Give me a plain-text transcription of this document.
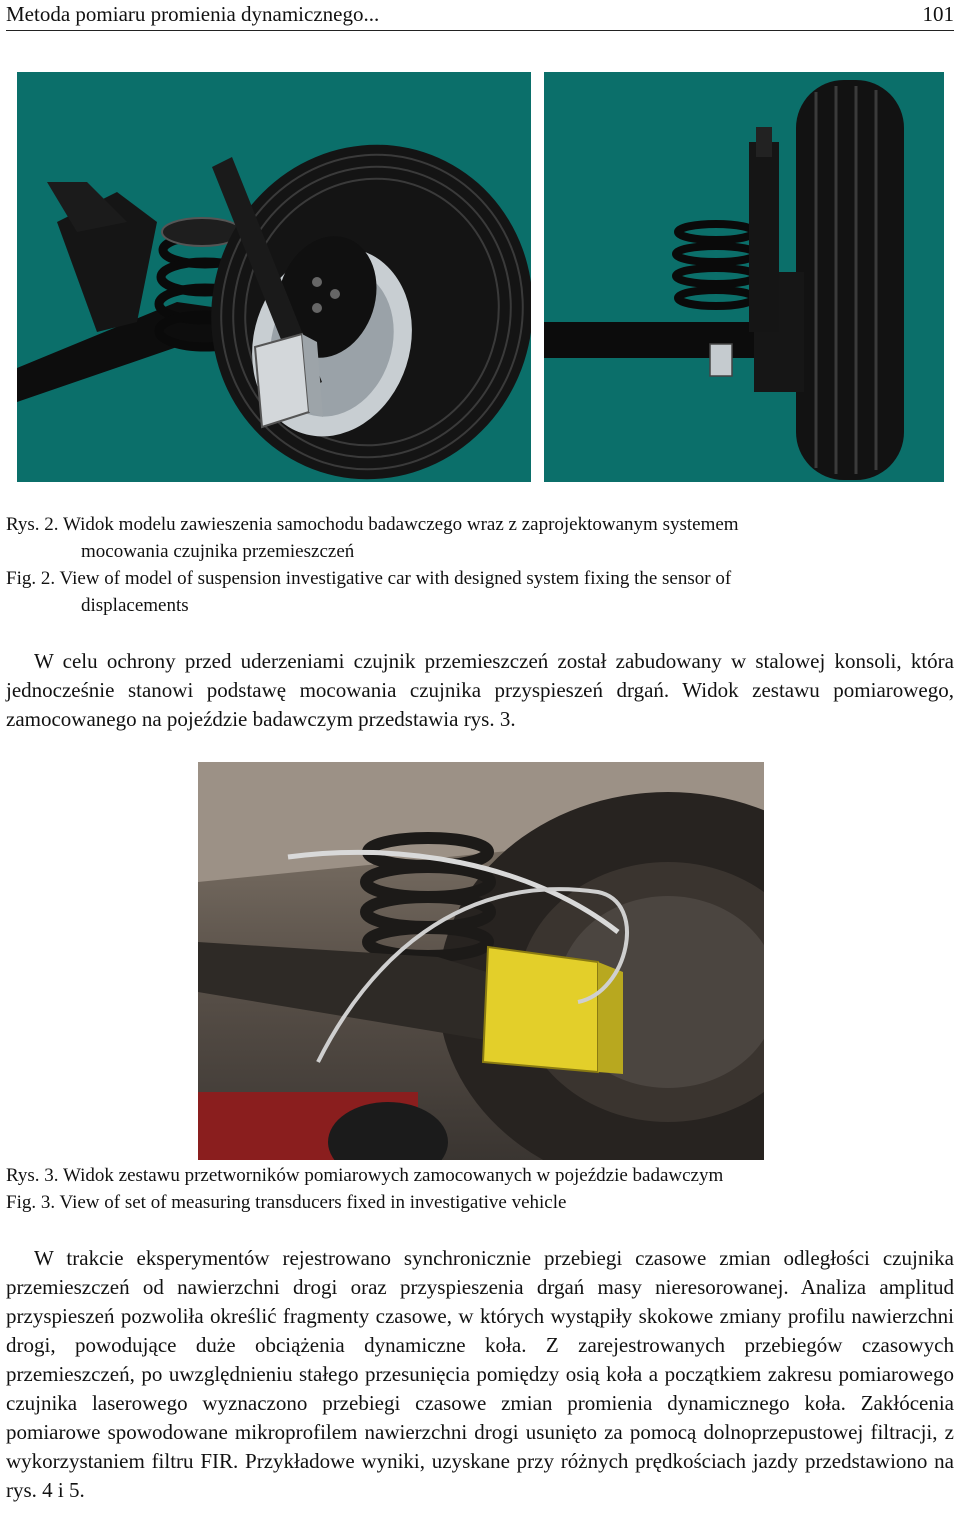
Metoda pomiaru promienia dynamicznego...	101
Rys. 2. Widok modelu zawieszenia samochodu badawczego wraz z zaprojektowanym systemem
mocowania czujnika przemieszczeń
Fig. 2. View of model of suspension investigative car with designed system fixing the sensor of
displacements

W celu ochrony przed uderzeniami czujnik przemieszczeń został zabudowany w stalowej konsoli, która jednocześnie stanowi podstawę mocowania czujnika przyspieszeń drgań. Widok zestawu pomiarowego, zamocowanego na pojeździe badawczym przedstawia rys. 3.

Rys. 3. Widok zestawu przetworników pomiarowych zamocowanych w pojeździe badawczym
Fig. 3. View of set of measuring transducers fixed in investigative vehicle

W trakcie eksperymentów rejestrowano synchronicznie przebiegi czasowe zmian odległości czujnika przemieszczeń od nawierzchni drogi oraz przyspieszenia drgań masy nieresorowanej. Analiza amplitud przyspieszeń pozwoliła określić fragmenty czasowe, w których wystąpiły skokowe zmiany profilu nawierzchni drogi, powodujące duże obciążenia dynamiczne koła. Z zarejestrowanych przebiegów czasowych przemieszczeń, po uwzględnieniu stałego przesunięcia pomiędzy osią koła a początkiem zakresu pomiarowego czujnika laserowego wyznaczono przebiegi czasowe zmian promienia dynamicznego koła. Zakłócenia pomiarowe spowodowane mikroprofilem nawierzchni drogi usunięto za pomocą dolnoprzepustowej filtracji, z wykorzystaniem filtru FIR. Przykładowe wyniki, uzyskane przy różnych prędkościach jazdy przedstawiono na rys. 4 i 5.
